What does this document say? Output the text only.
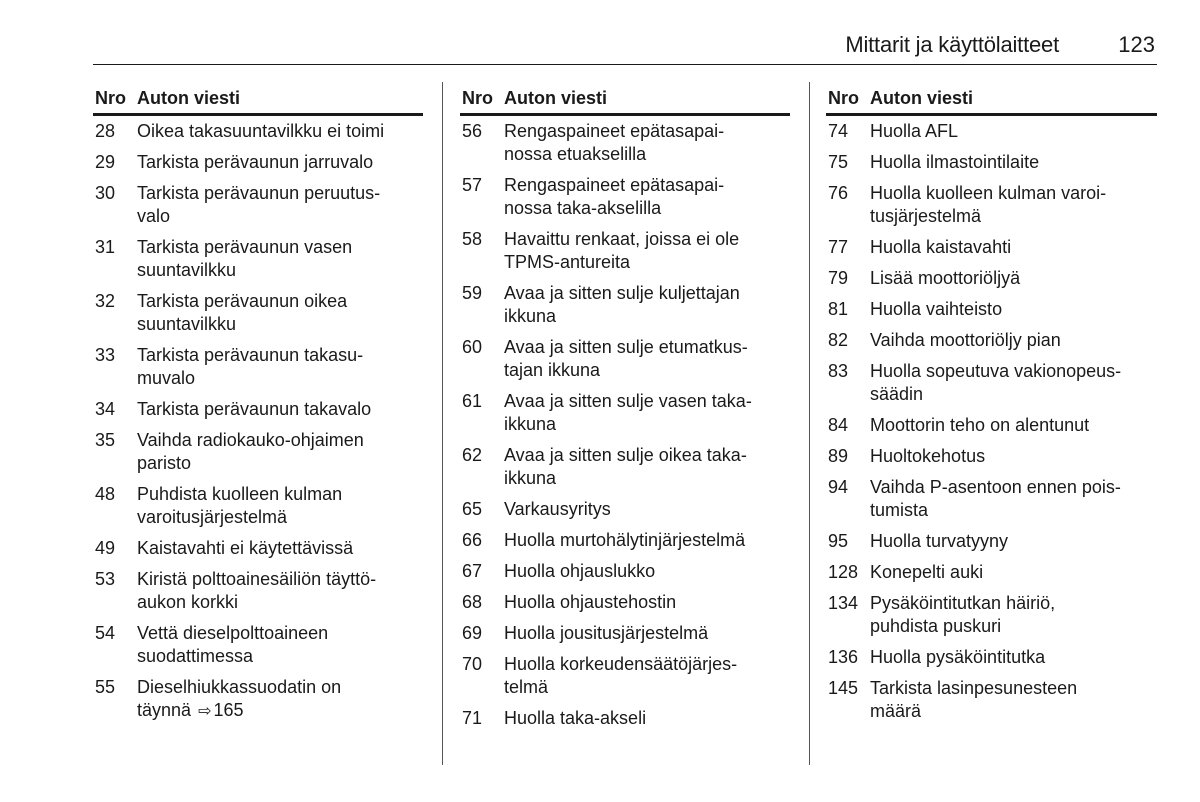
Mittarit ja käyttölaitteet	123
Nro Auton viesti
28 Oikea takasuuntavilkku ei toimi
29 Tarkista perävaunun jarruvalo
30 Tarkista perävaunun peruutus-
valo
31 Tarkista perävaunun vasen
suuntavilkku
32 Tarkista perävaunun oikea
suuntavilkku
33 Tarkista perävaunun takasu-
muvalo
34 Tarkista perävaunun takavalo
35 Vaihda radiokauko-ohjaimen
paristo
48 Puhdista kuolleen kulman
varoitusjärjestelmä
49 Kaistavahti ei käytettävissä
53 Kiristä polttoainesäiliön täyttö-
aukon korkki
54 Vettä dieselpolttoaineen
suodattimessa
55 Dieselhiukkassuodatin on
täynnä ⇨ 165
Nro Auton viesti
56 Rengaspaineet epätasapai-
nossa etuakselilla
57 Rengaspaineet epätasapai-
nossa taka-akselilla
58 Havaittu renkaat, joissa ei ole
TPMS-antureita
59 Avaa ja sitten sulje kuljettajan
ikkuna
60 Avaa ja sitten sulje etumatkus-
tajan ikkuna
61 Avaa ja sitten sulje vasen taka-
ikkuna
62 Avaa ja sitten sulje oikea taka-
ikkuna
65 Varkausyritys
66 Huolla murtohälytinjärjestelmä
67 Huolla ohjauslukko
68 Huolla ohjaustehostin
69 Huolla jousitusjärjestelmä
70 Huolla korkeudensäätöjärjes-
telmä
71 Huolla taka-akseli
Nro Auton viesti
74 Huolla AFL
75 Huolla ilmastointilaite
76 Huolla kuolleen kulman varoi-
tusjärjestelmä
77 Huolla kaistavahti
79 Lisää moottoriöljyä
81 Huolla vaihteisto
82 Vaihda moottoriöljy pian
83 Huolla sopeutuva vakionopeus-
säädin
84 Moottorin teho on alentunut
89 Huoltokehotus
94 Vaihda P-asentoon ennen pois-
tumista
95 Huolla turvatyyny
128 Konepelti auki
134 Pysäköintitutkan häiriö,
puhdista puskuri
136 Huolla pysäköintitutka
145 Tarkista lasinpesunesteen
määrä
